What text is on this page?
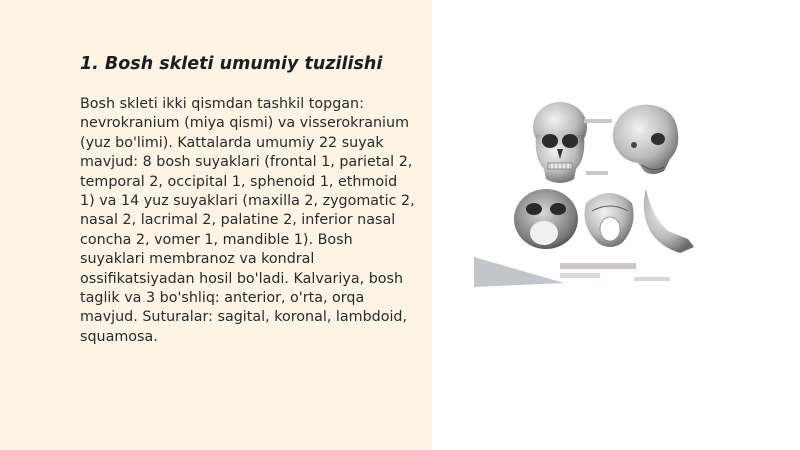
1. Bosh skleti umumiy tuzilishi
Bosh skleti ikki qismdan tashkil topgan: nevrokranium (miya qismi) va visserokranium (yuz bo'limi). Kattalarda umumiy 22 suyak mavjud: 8 bosh suyaklari (frontal 1, parietal 2, temporal 2, occipital 1, sphenoid 1, ethmoid 1) va 14 yuz suyaklari (maxilla 2, zygomatic 2, nasal 2, lacrimal 2, palatine 2, inferior nasal concha 2, vomer 1, mandible 1). Bosh suyaklari membranoz va kondral ossifikatsiyadan hosil bo'ladi. Kalvariya, bosh taglik va 3 bo'shliq: anterior, o'rta, orqa mavjud. Suturalar: sagital, koronal, lambdoid, squamosa.
